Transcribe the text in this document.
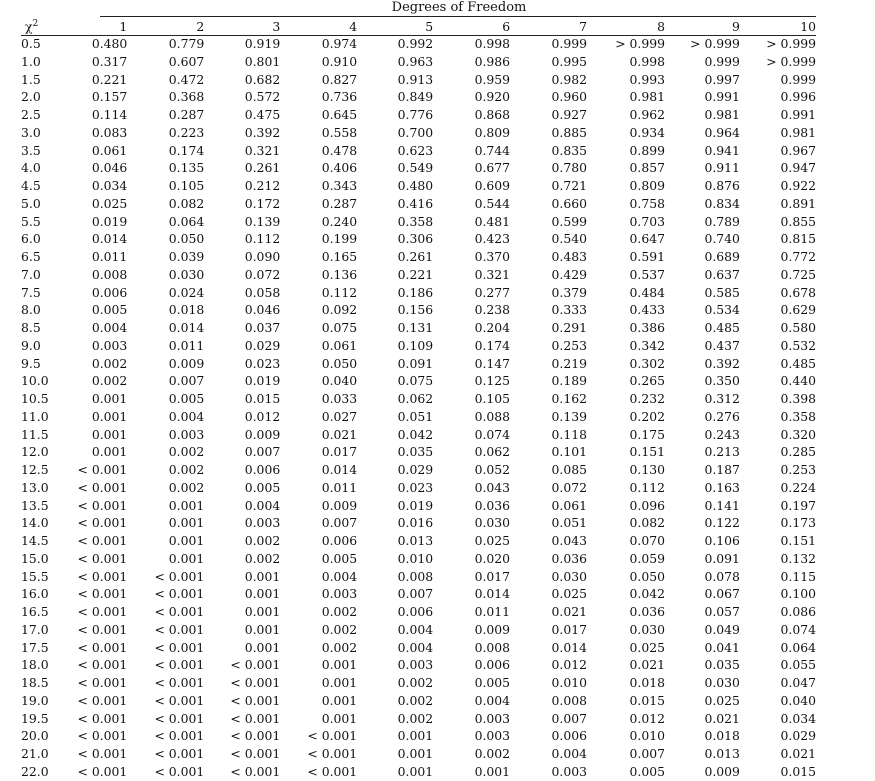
Degrees of Freedom
$\chi^2$	1	2	3	4	5	6	7	8	9	10
0.5	0.480	0.779	0.919	0.974	0.992	0.998	0.999	> 0.999	> 0.999	> 0.999
1.0	0.317	0.607	0.801	0.910	0.963	0.986	0.995	0.998	0.999	> 0.999
1.5	0.221	0.472	0.682	0.827	0.913	0.959	0.982	0.993	0.997	0.999
2.0	0.157	0.368	0.572	0.736	0.849	0.920	0.960	0.981	0.991	0.996
2.5	0.114	0.287	0.475	0.645	0.776	0.868	0.927	0.962	0.981	0.991
3.0	0.083	0.223	0.392	0.558	0.700	0.809	0.885	0.934	0.964	0.981
3.5	0.061	0.174	0.321	0.478	0.623	0.744	0.835	0.899	0.941	0.967
4.0	0.046	0.135	0.261	0.406	0.549	0.677	0.780	0.857	0.911	0.947
4.5	0.034	0.105	0.212	0.343	0.480	0.609	0.721	0.809	0.876	0.922
5.0	0.025	0.082	0.172	0.287	0.416	0.544	0.660	0.758	0.834	0.891
5.5	0.019	0.064	0.139	0.240	0.358	0.481	0.599	0.703	0.789	0.855
6.0	0.014	0.050	0.112	0.199	0.306	0.423	0.540	0.647	0.740	0.815
6.5	0.011	0.039	0.090	0.165	0.261	0.370	0.483	0.591	0.689	0.772
7.0	0.008	0.030	0.072	0.136	0.221	0.321	0.429	0.537	0.637	0.725
7.5	0.006	0.024	0.058	0.112	0.186	0.277	0.379	0.484	0.585	0.678
8.0	0.005	0.018	0.046	0.092	0.156	0.238	0.333	0.433	0.534	0.629
8.5	0.004	0.014	0.037	0.075	0.131	0.204	0.291	0.386	0.485	0.580
9.0	0.003	0.011	0.029	0.061	0.109	0.174	0.253	0.342	0.437	0.532
9.5	0.002	0.009	0.023	0.050	0.091	0.147	0.219	0.302	0.392	0.485
10.0	0.002	0.007	0.019	0.040	0.075	0.125	0.189	0.265	0.350	0.440
10.5	0.001	0.005	0.015	0.033	0.062	0.105	0.162	0.232	0.312	0.398
11.0	0.001	0.004	0.012	0.027	0.051	0.088	0.139	0.202	0.276	0.358
11.5	0.001	0.003	0.009	0.021	0.042	0.074	0.118	0.175	0.243	0.320
12.0	0.001	0.002	0.007	0.017	0.035	0.062	0.101	0.151	0.213	0.285
12.5	< 0.001	0.002	0.006	0.014	0.029	0.052	0.085	0.130	0.187	0.253
13.0	< 0.001	0.002	0.005	0.011	0.023	0.043	0.072	0.112	0.163	0.224
13.5	< 0.001	0.001	0.004	0.009	0.019	0.036	0.061	0.096	0.141	0.197
14.0	< 0.001	0.001	0.003	0.007	0.016	0.030	0.051	0.082	0.122	0.173
14.5	< 0.001	0.001	0.002	0.006	0.013	0.025	0.043	0.070	0.106	0.151
15.0	< 0.001	0.001	0.002	0.005	0.010	0.020	0.036	0.059	0.091	0.132
15.5	< 0.001	< 0.001	0.001	0.004	0.008	0.017	0.030	0.050	0.078	0.115
16.0	< 0.001	< 0.001	0.001	0.003	0.007	0.014	0.025	0.042	0.067	0.100
16.5	< 0.001	< 0.001	0.001	0.002	0.006	0.011	0.021	0.036	0.057	0.086
17.0	< 0.001	< 0.001	0.001	0.002	0.004	0.009	0.017	0.030	0.049	0.074
17.5	< 0.001	< 0.001	0.001	0.002	0.004	0.008	0.014	0.025	0.041	0.064
18.0	< 0.001	< 0.001	< 0.001	0.001	0.003	0.006	0.012	0.021	0.035	0.055
18.5	< 0.001	< 0.001	< 0.001	0.001	0.002	0.005	0.010	0.018	0.030	0.047
19.0	< 0.001	< 0.001	< 0.001	0.001	0.002	0.004	0.008	0.015	0.025	0.040
19.5	< 0.001	< 0.001	< 0.001	0.001	0.002	0.003	0.007	0.012	0.021	0.034
20.0	< 0.001	< 0.001	< 0.001	< 0.001	0.001	0.003	0.006	0.010	0.018	0.029
21.0	< 0.001	< 0.001	< 0.001	< 0.001	0.001	0.002	0.004	0.007	0.013	0.021
22.0	< 0.001	< 0.001	< 0.001	< 0.001	0.001	0.001	0.003	0.005	0.009	0.015
